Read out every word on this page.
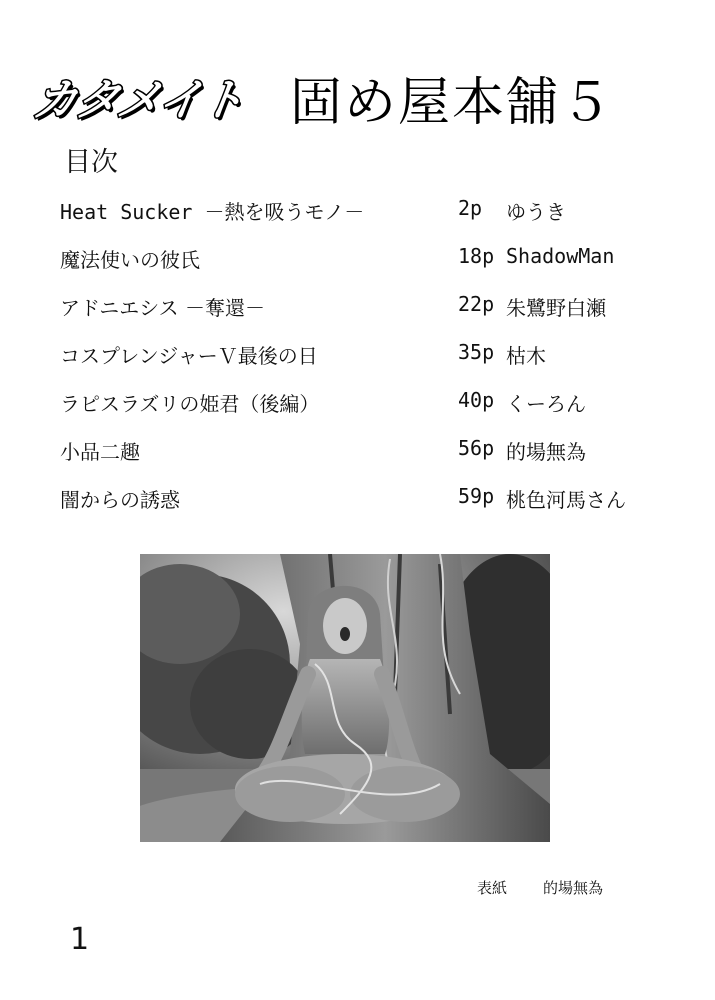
カタメイト 固め屋本舗５
目次
Heat Sucker －熱を吸うモノ－	2p	ゆうき
魔法使いの彼氏	18p ShadowMan
アドニエシス －奪還－	22p 朱鷺野白瀬
コスプレンジャーＶ最後の日	35p 枯木
ラピスラズリの姫君（後編）	40p くーろん
小品二趣	56p 的場無為
闇からの誘惑	59p 桃色河馬さん
表紙 的場無為
1
